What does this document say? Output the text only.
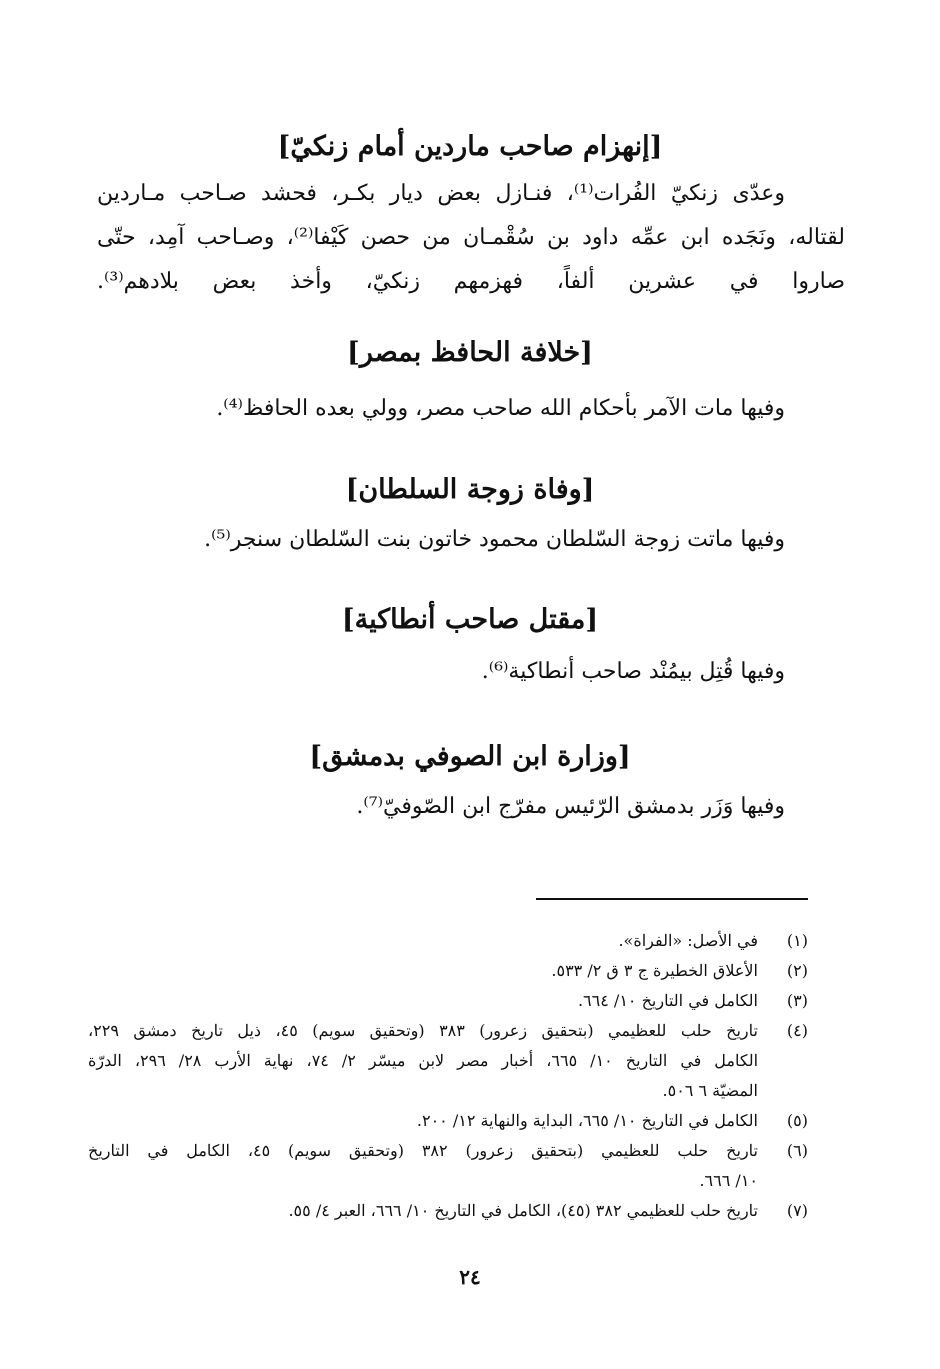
[إنهزام صاحب ماردين أمام زنكيّ]
وعدّى زنكيّ الفُرات⁽¹⁾، فنـازل بعض ديار بكـر، فحشد صـاحب مـاردين
لقتاله، ونَجَده ابن عمِّه داود بن سُقْمـان من حصن كَيْفا⁽²⁾، وصـاحب آمِد، حتّى
صاروا في عشرين ألفاً، فهزمهم زنكيّ، وأخذ بعض بلادهم⁽³⁾.
[خلافة الحافظ بمصر]
وفيها مات الآمر بأحكام الله صاحب مصر، وولي بعده الحافظ⁽⁴⁾.
[وفاة زوجة السلطان]
وفيها ماتت زوجة السّلطان محمود خاتون بنت السّلطان سنجر⁽⁵⁾.
[مقتل صاحب أنطاكية]
وفيها قُتِل بيمُنْد صاحب أنطاكية⁽⁶⁾.
[وزارة ابن الصوفي بدمشق]
وفيها وَزَر بدمشق الرّئيس مفرّج ابن الصّوفيّ⁽⁷⁾.
(١)
في الأصل: «الفراة».
(٢)
الأعلاق الخطيرة ج ٣ ق ٢/ ٥٣٣.
(٣)
الكامل في التاريخ ١٠/ ٦٦٤.
(٤)
تاريخ حلب للعظيمي (بتحقيق زعرور) ٣٨٣ (وتحقيق سويم) ٤٥، ذيل تاريخ دمشق ٢٢٩،
الكامل في التاريخ ١٠/ ٦٦٥، أخبار مصر لابن ميسّر ٢/ ٧٤، نهاية الأرب ٢٨/ ٢٩٦، الدرّة
المضيّة ٦ ٥٠٦.
(٥)
الكامل في التاريخ ١٠/ ٦٦٥، البداية والنهاية ١٢/ ٢٠٠.
(٦)
تاريخ حلب للعظيمي (بتحقيق زعرور) ٣٨٢ (وتحقيق سويم) ٤٥، الكامل في التاريخ
١٠/ ٦٦٦.
(٧)
تاريخ حلب للعظيمي ٣٨٢ (٤٥)، الكامل في التاريخ ١٠/ ٦٦٦، العبر ٤/ ٥٥.
٢٤
